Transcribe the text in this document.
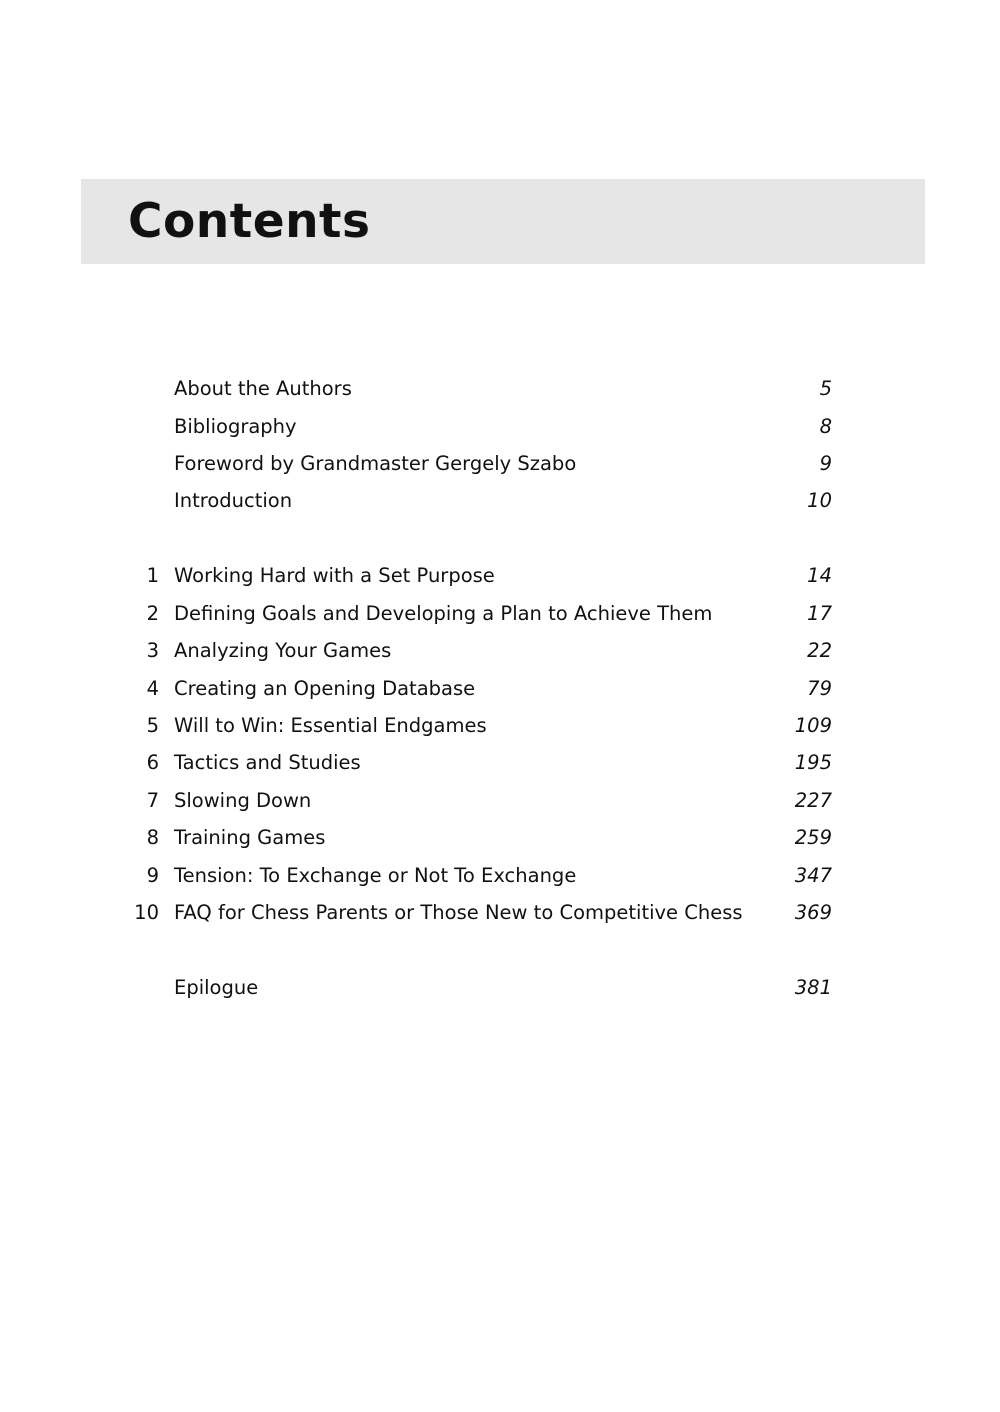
Contents
About the Authors	5
Bibliography	8
Foreword by Grandmaster Gergely Szabo	9
Introduction	10
1 Working Hard with a Set Purpose	14
2 Defining Goals and Developing a Plan to Achieve Them	17
3 Analyzing Your Games	22
4 Creating an Opening Database	79
5 Will to Win: Essential Endgames	109
6 Tactics and Studies	195
7 Slowing Down	227
8 Training Games	259
9 Tension: To Exchange or Not To Exchange	347
10 FAQ for Chess Parents or Those New to Competitive Chess	369
Epilogue	381
